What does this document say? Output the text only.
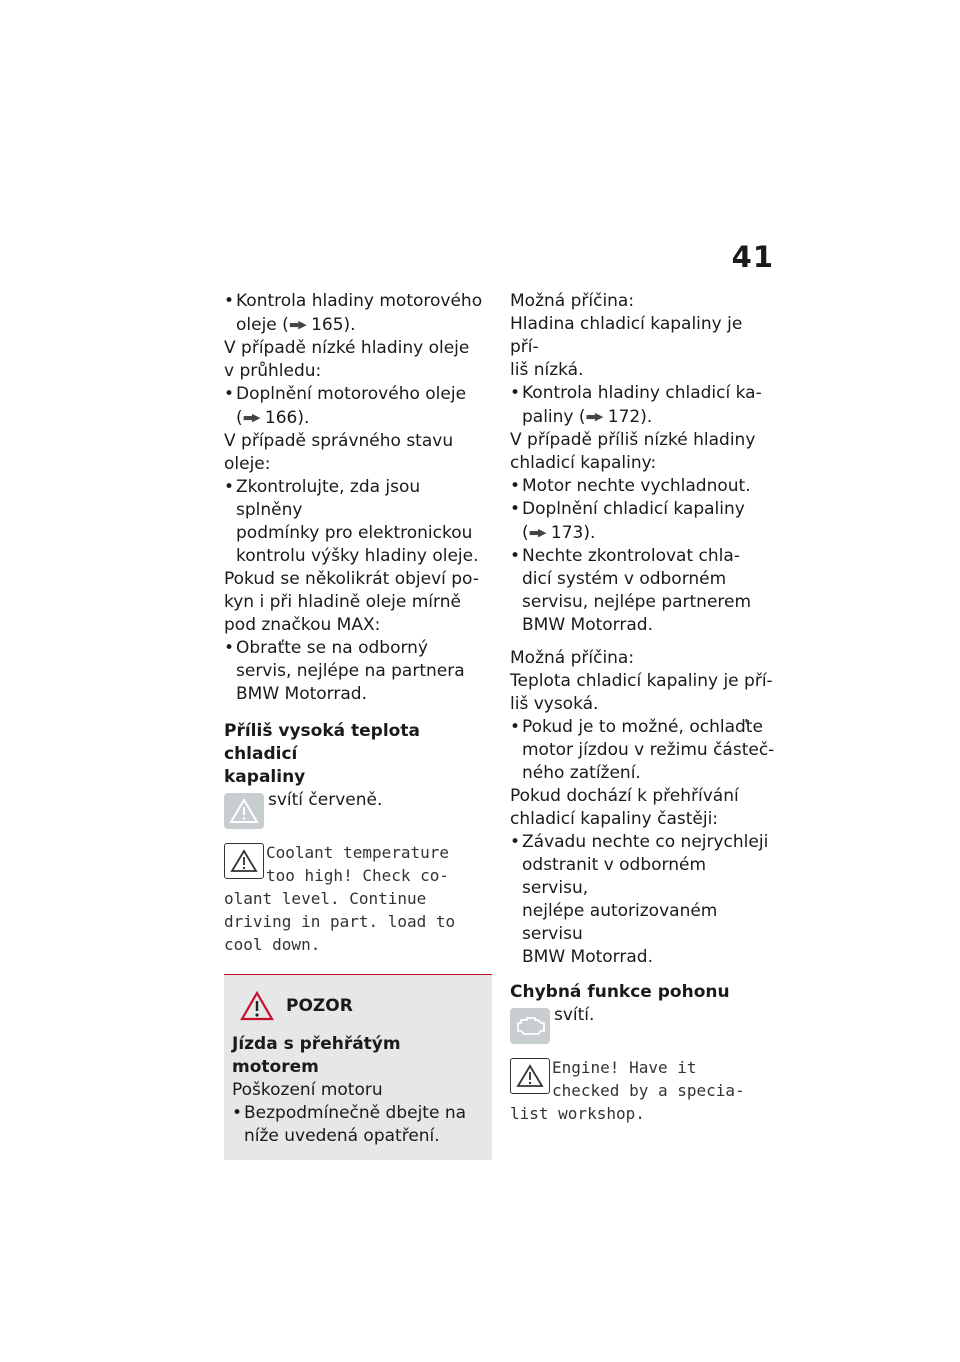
41
• Kontrola hladiny motorového
oleje (▬▶ 165).
V případě nízké hladiny oleje
v průhledu:
• Doplnění motorového oleje
(▬▶ 166).
V případě správného stavu
oleje:
• Zkontrolujte, zda jsou splněny
podmínky pro elektronickou
kontrolu výšky hladiny oleje.
Pokud se několikrát objeví po-
kyn i při hladině oleje mírně
pod značkou MAX:
• Obraťte se na odborný
servis, nejlépe na partnera
BMW Motorrad.
Příliš vysoká teplota chladicí
kapaliny
svítí červeně.
Coolant temperature
too high! Check co-
olant level. Continue
driving in part. load to
cool down.
POZOR
Jízda s přehřátým motorem
Poškození motoru
• Bezpodmínečně dbejte na
níže uvedená opatření.
Možná příčina:
Hladina chladicí kapaliny je pří-
liš nízká.
• Kontrola hladiny chladicí ka-
paliny (▬▶ 172).
V případě příliš nízké hladiny
chladicí kapaliny:
• Motor nechte vychladnout.
• Doplnění chladicí kapaliny
(▬▶ 173).
• Nechte zkontrolovat chla-
dicí systém v odborném
servisu, nejlépe partnerem
BMW Motorrad.
Možná příčina:
Teplota chladicí kapaliny je pří-
liš vysoká.
• Pokud je to možné, ochlaďte
motor jízdou v režimu částeč-
ného zatížení.
Pokud dochází k přehřívání
chladicí kapaliny častěji:
• Závadu nechte co nejrychleji
odstranit v odborném servisu,
nejlépe autorizovaném servisu
BMW Motorrad.
Chybná funkce pohonu
svítí.
Engine! Have it
checked by a specia-
list workshop.
